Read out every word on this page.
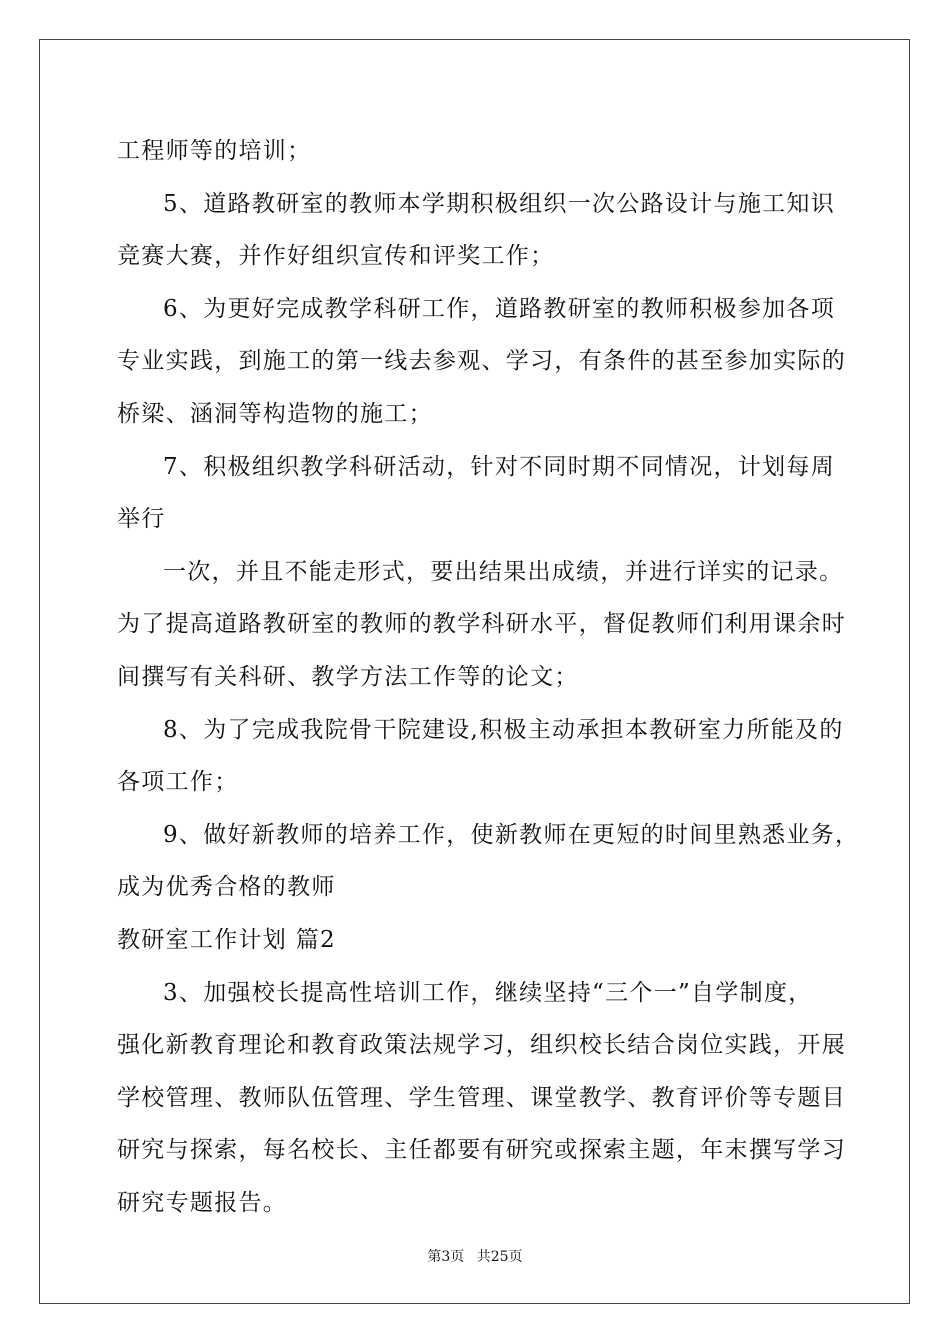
工程师等的培训；

5、道路教研室的教师本学期积极组织一次公路设计与施工知识

竞赛大赛，并作好组织宣传和评奖工作；

6、为更好完成教学科研工作，道路教研室的教师积极参加各项

专业实践，到施工的第一线去参观、学习，有条件的甚至参加实际的

桥梁、涵洞等构造物的施工；

7、积极组织教学科研活动，针对不同时期不同情况，计划每周

举行

一次，并且不能走形式，要出结果出成绩，并进行详实的记录。

为了提高道路教研室的教师的教学科研水平，督促教师们利用课余时

间撰写有关科研、教学方法工作等的论文；

8、为了完成我院骨干院建设,积极主动承担本教研室力所能及的

各项工作；

9、做好新教师的培养工作，使新教师在更短的时间里熟悉业务，

成为优秀合格的教师

教研室工作计划 篇2

3、加强校长提高性培训工作，继续坚持“三个一”自学制度，

强化新教育理论和教育政策法规学习，组织校长结合岗位实践，开展

学校管理、教师队伍管理、学生管理、课堂教学、教育评价等专题目

研究与探索，每名校长、主任都要有研究或探索主题，年末撰写学习

研究专题报告。

第3页 共25页
